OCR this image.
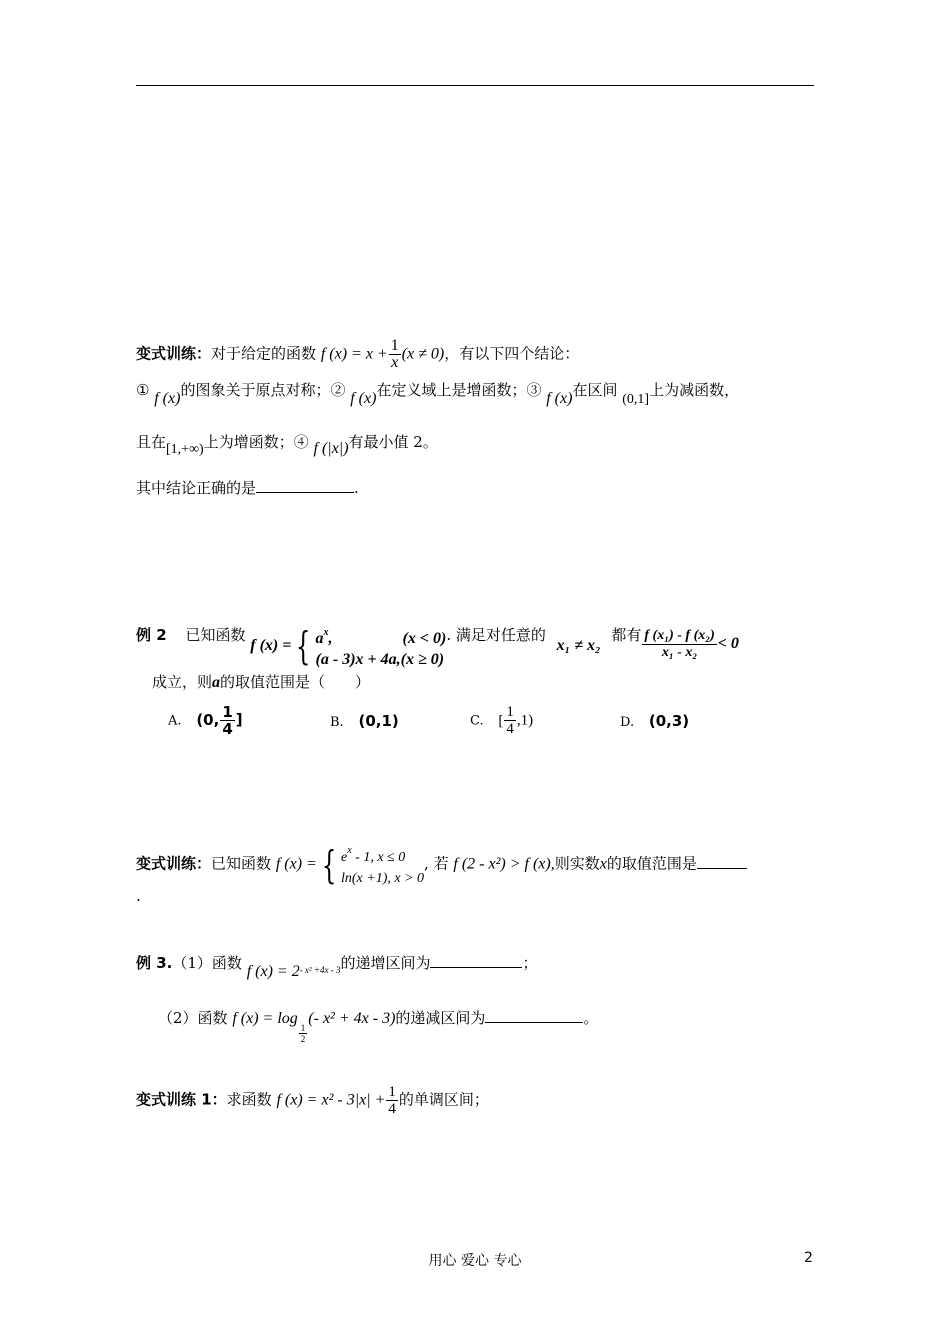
变式训练：对于给定的函数 f $(x) = x + \frac{1}{x} (x \ne 0)$，有以下四个结论：
① f (x)的图象关于原点对称；② f (x)在定义域上是增函数；③ f (x)在区间 (0,1]上为减函数，
且在[1,+∞)上为增函数；④ f (|x|)有最小值 2。
其中结论正确的是	.
例 2 已知函数 f (x) = { $a^x$,	(x < 0)
(a - 3)x + 4a,(x ≥ 0)
. 满足对任意的 x₁ ≠ x₂ 都有 $\frac{\text{f (x₁) - f (x₂)}}{\text{x₁ - x₂}} < 0$
成立，则a的取值范围是（　　）
A. (0, $\frac{1}{4}$ ]	B. (0,1)	C. [ $\frac{1}{4} ,1$)	D. (0,3)
变式训练：已知函数 f (x) = { $e^x - 1$, x ≤ 0
ln(x +1), x > 0
, 若 f (2 - x²) > f (x),则实数x的取值范围是
.
例 3.（1）函数 f $(x) = 2_{- x^2 +4x - 3}$的递增区间为	；
（2）函数 f (x) = log
$\frac{1}{2}$
(- x² + 4x - 3)的递减区间为	。
变式训练 1：求函数 f $(x) = x^2 - 3|x| + \frac{1}{4}$ 的单调区间；
用心 爱心 专心	2
